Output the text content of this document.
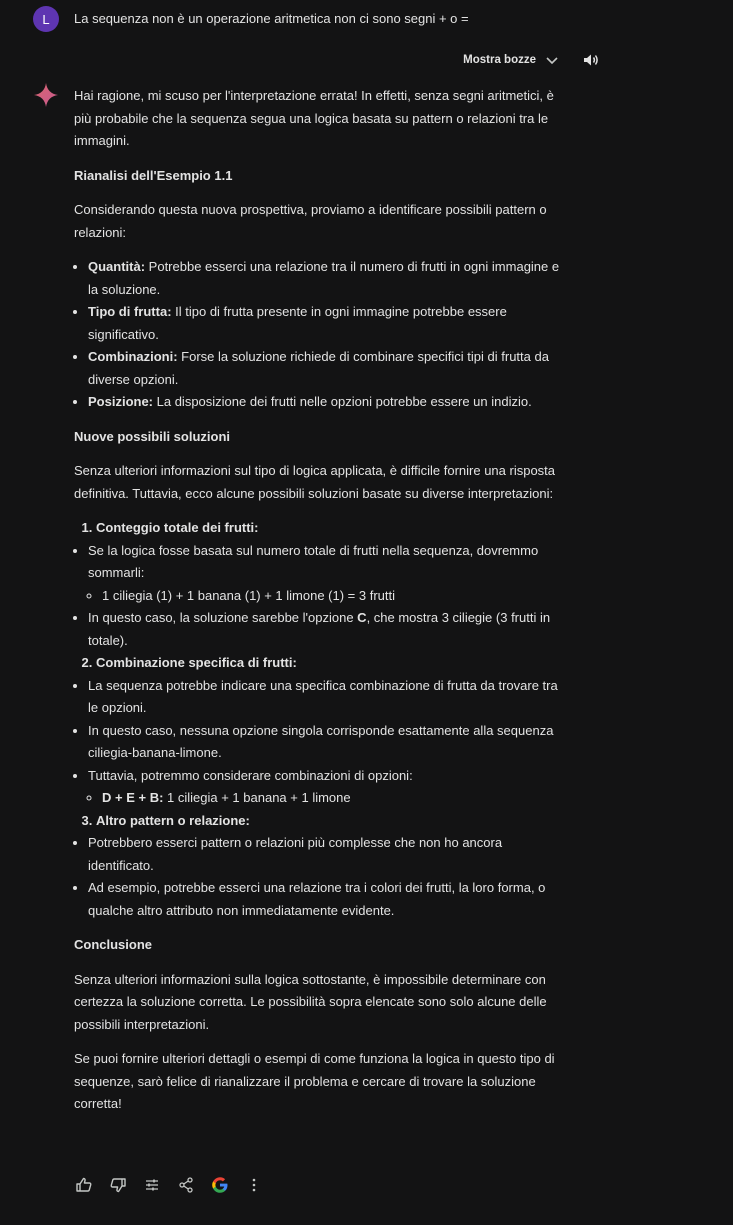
L	La sequenza non è un operazione aritmetica non ci sono segni + o =
Mostra bozze

Hai ragione, mi scuso per l'interpretazione errata! In effetti, senza segni aritmetici, è più probabile che la sequenza segua una logica basata su pattern o relazioni tra le immagini.

Rianalisi dell'Esempio 1.1

Considerando questa nuova prospettiva, proviamo a identificare possibili pattern o relazioni:

• Quantità: Potrebbe esserci una relazione tra il numero di frutti in ogni immagine e la soluzione.
• Tipo di frutta: Il tipo di frutta presente in ogni immagine potrebbe essere significativo.
• Combinazioni: Forse la soluzione richiede di combinare specifici tipi di frutta da diverse opzioni.
• Posizione: La disposizione dei frutti nelle opzioni potrebbe essere un indizio.
Nuove possibili soluzioni

Senza ulteriori informazioni sul tipo di logica applicata, è difficile fornire una risposta definitiva. Tuttavia, ecco alcune possibili soluzioni basate su diverse interpretazioni:

1. Conteggio totale dei frutti:
• Se la logica fosse basata sul numero totale di frutti nella sequenza, dovremmo sommarli:
◦ 1 ciliegia (1) + 1 banana (1) + 1 limone (1) = 3 frutti
• In questo caso, la soluzione sarebbe l'opzione C, che mostra 3 ciliegie (3 frutti in totale).
2. Combinazione specifica di frutti:
• La sequenza potrebbe indicare una specifica combinazione di frutta da trovare tra le opzioni.
• In questo caso, nessuna opzione singola corrisponde esattamente alla sequenza ciliegia-banana-limone.
• Tuttavia, potremmo considerare combinazioni di opzioni:
◦ D + E + B: 1 ciliegia + 1 banana + 1 limone
3. Altro pattern o relazione:
• Potrebbero esserci pattern o relazioni più complesse che non ho ancora identificato.
• Ad esempio, potrebbe esserci una relazione tra i colori dei frutti, la loro forma, o qualche altro attributo non immediatamente evidente.
Conclusione

Senza ulteriori informazioni sulla logica sottostante, è impossibile determinare con certezza la soluzione corretta. Le possibilità sopra elencate sono solo alcune delle possibili interpretazioni.

Se puoi fornire ulteriori dettagli o esempi di come funziona la logica in questo tipo di sequenze, sarò felice di rianalizzare il problema e cercare di trovare la soluzione corretta!
